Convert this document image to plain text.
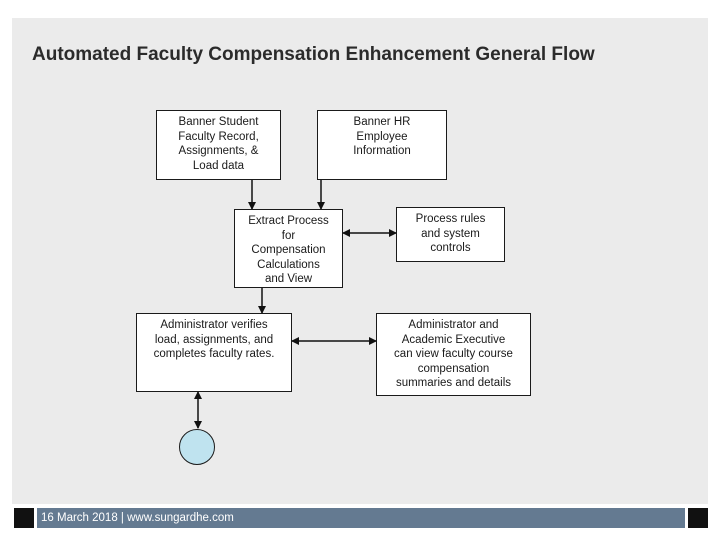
Automated Faculty Compensation Enhancement General Flow
Banner Student
Faculty Record,
Assignments, &
Load data
Banner HR
Employee
Information
Extract Process
for
Compensation
Calculations
and View
Process rules
and system
controls
Administrator verifies
load, assignments, and
completes faculty rates.
Administrator and
Academic Executive
can view faculty course
compensation
summaries and details
16 March 2018 | www.sungardhe.com
